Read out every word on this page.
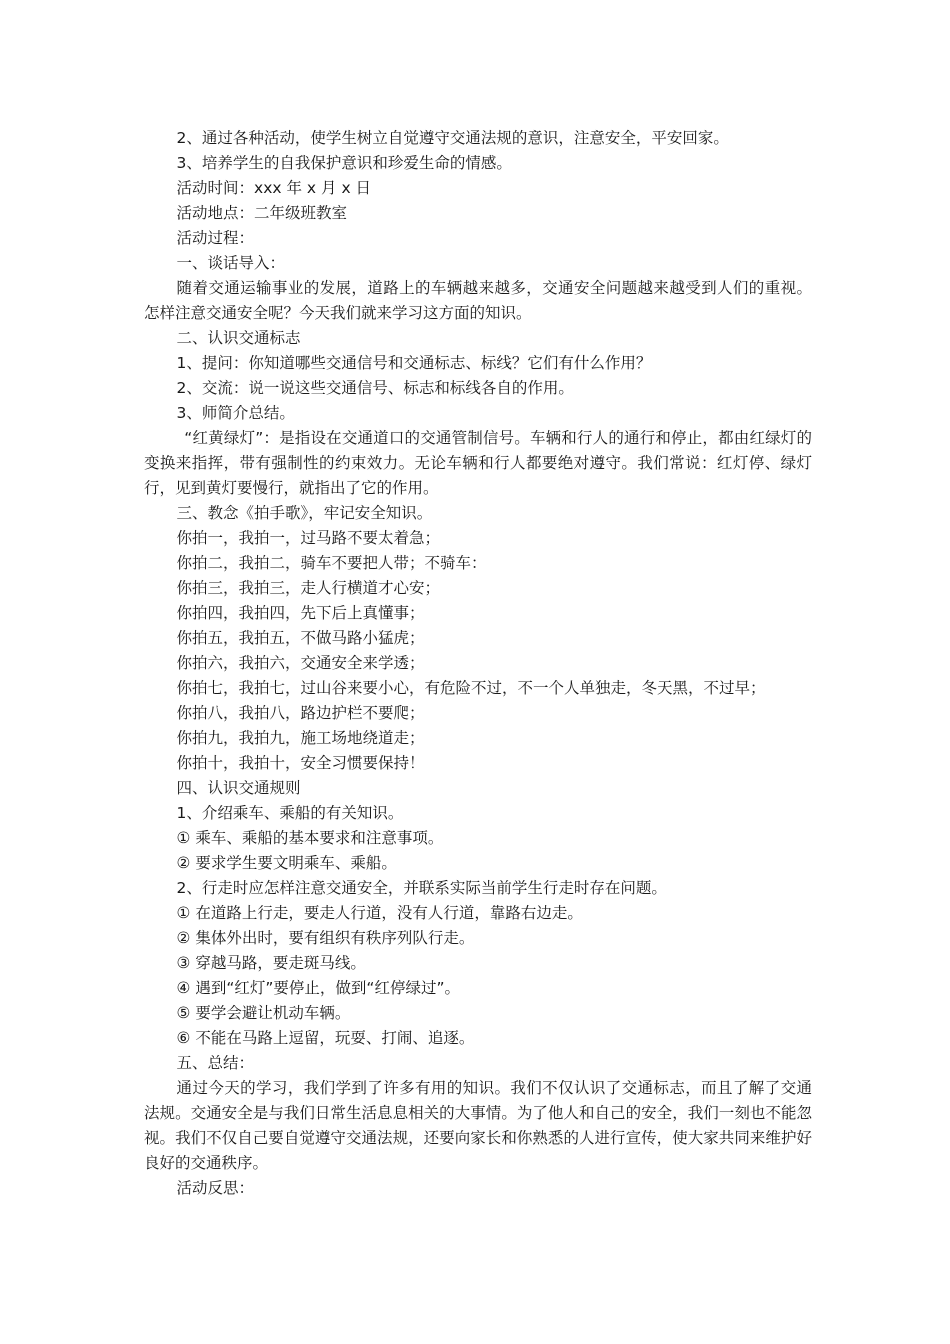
2、通过各种活动，使学生树立自觉遵守交通法规的意识，注意安全，平安回家。

3、培养学生的自我保护意识和珍爱生命的情感。

活动时间：xxx 年 x 月 x 日

活动地点：二年级班教室

活动过程：

一、谈话导入：

随着交通运输事业的发展，道路上的车辆越来越多，交通安全问题越来越受到人们的重视。怎样注意交通安全呢？今天我们就来学习这方面的知识。

二、认识交通标志

1、提问：你知道哪些交通信号和交通标志、标线？它们有什么作用？

2、交流：说一说这些交通信号、标志和标线各自的作用。

3、师简介总结。

“红黄绿灯”：是指设在交通道口的交通管制信号。车辆和行人的通行和停止，都由红绿灯的变换来指挥，带有强制性的约束效力。无论车辆和行人都要绝对遵守。我们常说：红灯停、绿灯行，见到黄灯要慢行，就指出了它的作用。

三、教念《拍手歌》，牢记安全知识。

你拍一，我拍一，过马路不要太着急；

你拍二，我拍二，骑车不要把人带；不骑车：

你拍三，我拍三，走人行横道才心安；

你拍四，我拍四，先下后上真懂事；

你拍五，我拍五，不做马路小猛虎；

你拍六，我拍六，交通安全来学透；

你拍七，我拍七，过山谷来要小心，有危险不过，不一个人单独走，冬天黑，不过早；

你拍八，我拍八，路边护栏不要爬；

你拍九，我拍九，施工场地绕道走；

你拍十，我拍十，安全习惯要保持！

四、认识交通规则

1、介绍乘车、乘船的有关知识。

① 乘车、乘船的基本要求和注意事项。

② 要求学生要文明乘车、乘船。

2、行走时应怎样注意交通安全，并联系实际当前学生行走时存在问题。

① 在道路上行走，要走人行道，没有人行道，靠路右边走。

② 集体外出时，要有组织有秩序列队行走。

③ 穿越马路，要走斑马线。

④ 遇到“红灯”要停止，做到“红停绿过”。

⑤ 要学会避让机动车辆。

⑥ 不能在马路上逗留，玩耍、打闹、追逐。

五、总结：

通过今天的学习，我们学到了许多有用的知识。我们不仅认识了交通标志，而且了解了交通法规。交通安全是与我们日常生活息息相关的大事情。为了他人和自己的安全，我们一刻也不能忽视。我们不仅自己要自觉遵守交通法规，还要向家长和你熟悉的人进行宣传，使大家共同来维护好良好的交通秩序。

活动反思：
